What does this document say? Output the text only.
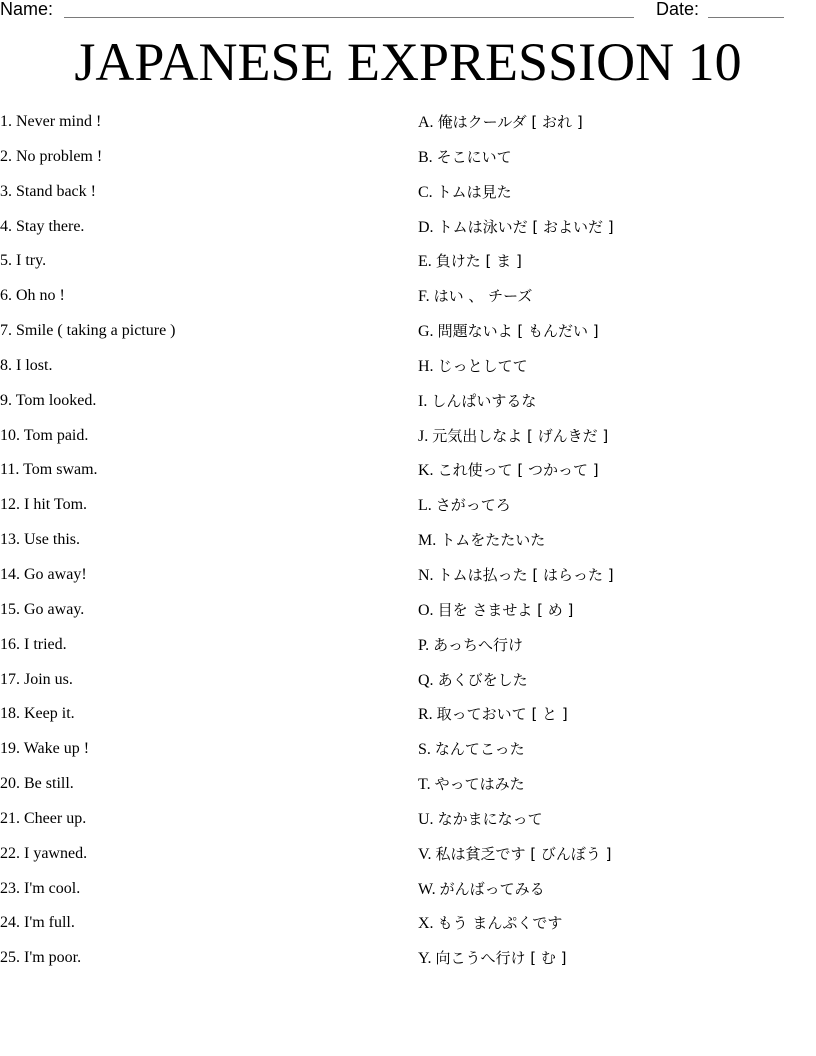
Name:	Date:
JAPANESE EXPRESSION 10
1. Never mind !
2. No problem !
3. Stand back !
4. Stay there.
5. I try.
6. Oh no !
7. Smile ( taking a picture )
8. I lost.
9. Tom looked.
10. Tom paid.
11. Tom swam.
12. I hit Tom.
13. Use this.
14. Go away!
15. Go away.
16. I tried.
17. Join us.
18. Keep it.
19. Wake up !
20. Be still.
21. Cheer up.
22. I yawned.
23. I'm cool.
24. I'm full.
25. I'm poor.
A. 俺はクールダ [ おれ ]
B. そこにいて
C. トムは見た
D. トムは泳いだ [ およいだ ]
E. 負けた [ ま ]
F. はい 、 チーズ
G. 問題ないよ [ もんだい ]
H. じっとしてて
I. しんぱいするな
J. 元気出しなよ [ げんきだ ]
K. これ使って [ つかって ]
L. さがってろ
M. トムをたたいた
N. トムは払った [ はらった ]
O. 目を さませよ [ め ]
P. あっちへ行け
Q. あくびをした
R. 取っておいて [ と ]
S. なんてこった
T. やってはみた
U. なかまになって
V. 私は貧乏です [ びんぼう ]
W. がんばってみる
X. もう まんぷくです
Y. 向こうへ行け [ む ]
